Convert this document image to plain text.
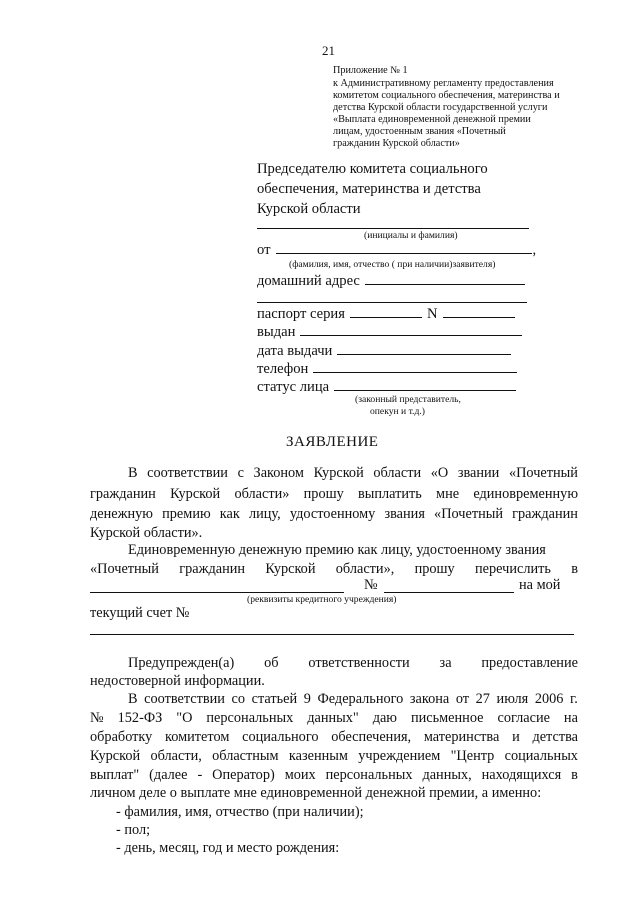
21
Приложение № 1
к Административному регламенту предоставления
комитетом социального обеспечения, материнства и
детства Курской области государственной услуги
«Выплата единовременной денежной премии
лицам, удостоенным звания «Почетный
гражданин Курской области»
Председателю комитета социального
обеспечения, материнства и детства
Курской области
(инициалы и фамилия)
от	,
(фамилия, имя, отчество ( при наличии)заявителя)
домашний адрес
паспорт серия	N
выдан
дата выдачи
телефон
статус лица
(законный представитель,
опекун и т.д.)
ЗАЯВЛЕНИЕ
В соответствии с Законом Курской области «О звании «Почетный
гражданин Курской области» прошу выплатить мне единовременную
денежную премию как лицу, удостоенному звания «Почетный гражданин
Курской области».
Единовременную денежную премию как лицу, удостоенному звания
«Почетный гражданин Курской области», прошу перечислить в
№	на мой
(реквизиты кредитного учреждения)
текущий счет №
Предупрежден(а) об ответственности за предоставление
недостоверной информации.
В соответствии со статьей 9 Федерального закона от 27 июля 2006 г.
№ 152-ФЗ "О персональных данных" даю письменное согласие на
обработку комитетом социального обеспечения, материнства и детства
Курской области, областным казенным учреждением "Центр социальных
выплат" (далее - Оператор) моих персональных данных, находящихся в
личном деле о выплате мне единовременной денежной премии, а именно:
- фамилия, имя, отчество (при наличии);
- пол;
- день, месяц, год и место рождения:
